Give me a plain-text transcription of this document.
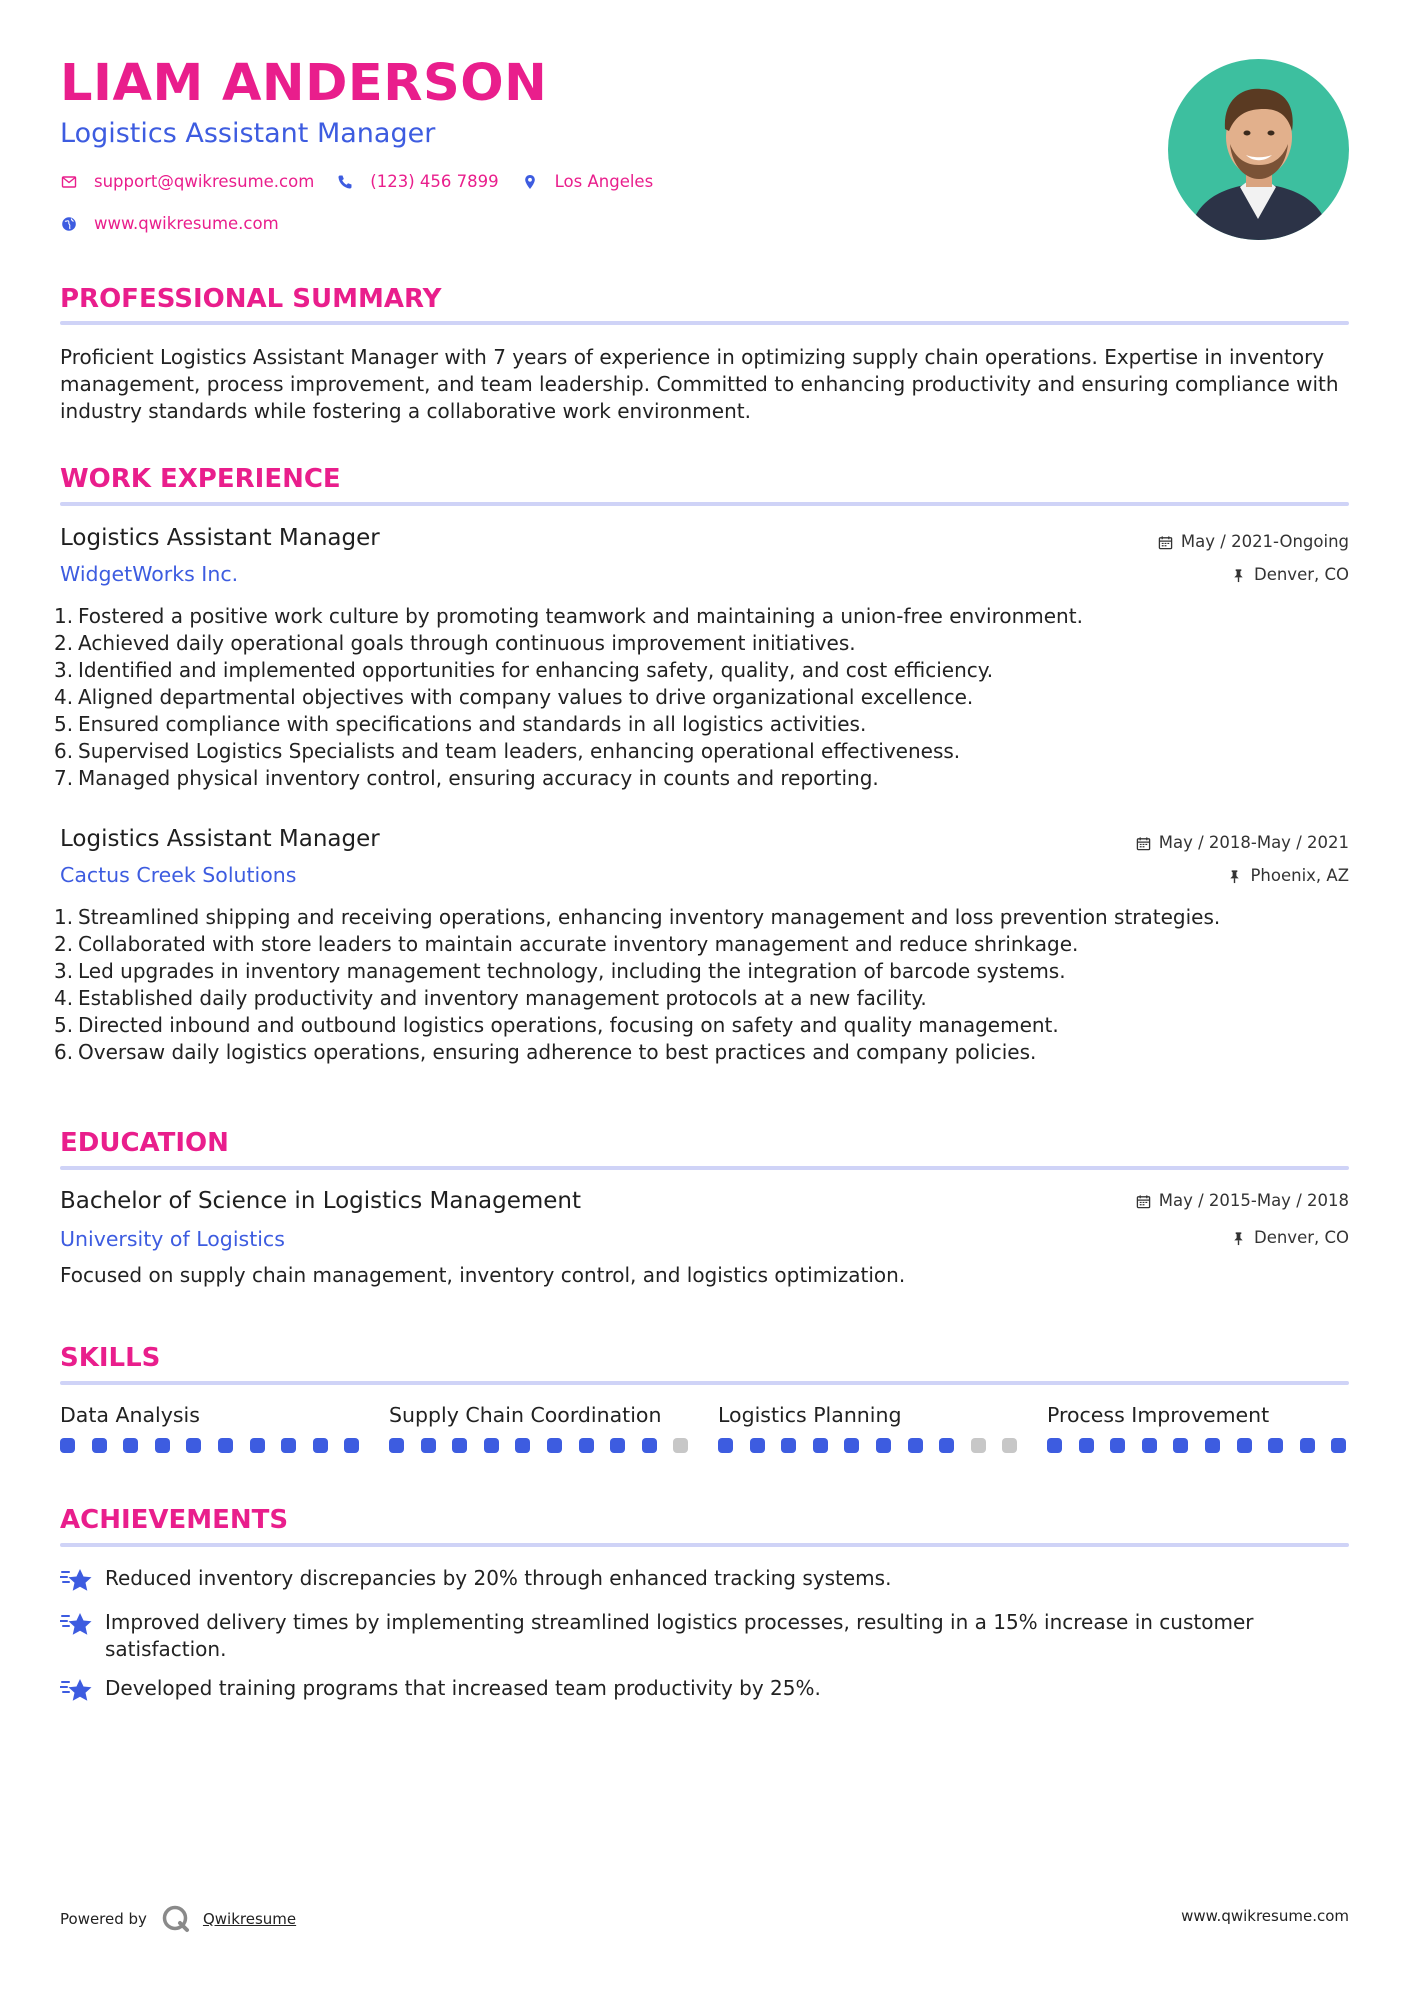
LIAM ANDERSON
Logistics Assistant Manager
support@qwikresume.com	(123) 456 7899	Los Angeles
www.qwikresume.com
PROFESSIONAL SUMMARY
Proficient Logistics Assistant Manager with 7 years of experience in optimizing supply chain operations. Expertise in inventory management, process improvement, and team leadership. Committed to enhancing productivity and ensuring compliance with industry standards while fostering a collaborative work environment.
WORK EXPERIENCE
Logistics Assistant Manager
WidgetWorks Inc.
May / 2021-Ongoing
Denver, CO
1. Fostered a positive work culture by promoting teamwork and maintaining a union-free environment.
2. Achieved daily operational goals through continuous improvement initiatives.
3. Identified and implemented opportunities for enhancing safety, quality, and cost efficiency.
4. Aligned departmental objectives with company values to drive organizational excellence.
5. Ensured compliance with specifications and standards in all logistics activities.
6. Supervised Logistics Specialists and team leaders, enhancing operational effectiveness.
7. Managed physical inventory control, ensuring accuracy in counts and reporting.
Logistics Assistant Manager
Cactus Creek Solutions
May / 2018-May / 2021
Phoenix, AZ
1. Streamlined shipping and receiving operations, enhancing inventory management and loss prevention strategies.
2. Collaborated with store leaders to maintain accurate inventory management and reduce shrinkage.
3. Led upgrades in inventory management technology, including the integration of barcode systems.
4. Established daily productivity and inventory management protocols at a new facility.
5. Directed inbound and outbound logistics operations, focusing on safety and quality management.
6. Oversaw daily logistics operations, ensuring adherence to best practices and company policies.
EDUCATION
Bachelor of Science in Logistics Management
University of Logistics
May / 2015-May / 2018
Denver, CO
Focused on supply chain management, inventory control, and logistics optimization.
SKILLS
Data Analysis	Supply Chain Coordination	Logistics Planning	Process Improvement
ACHIEVEMENTS
Reduced inventory discrepancies by 20% through enhanced tracking systems.
Improved delivery times by implementing streamlined logistics processes, resulting in a 15% increase in customer satisfaction.
Developed training programs that increased team productivity by 25%.
Powered by	Qwikresume	www.qwikresume.com
